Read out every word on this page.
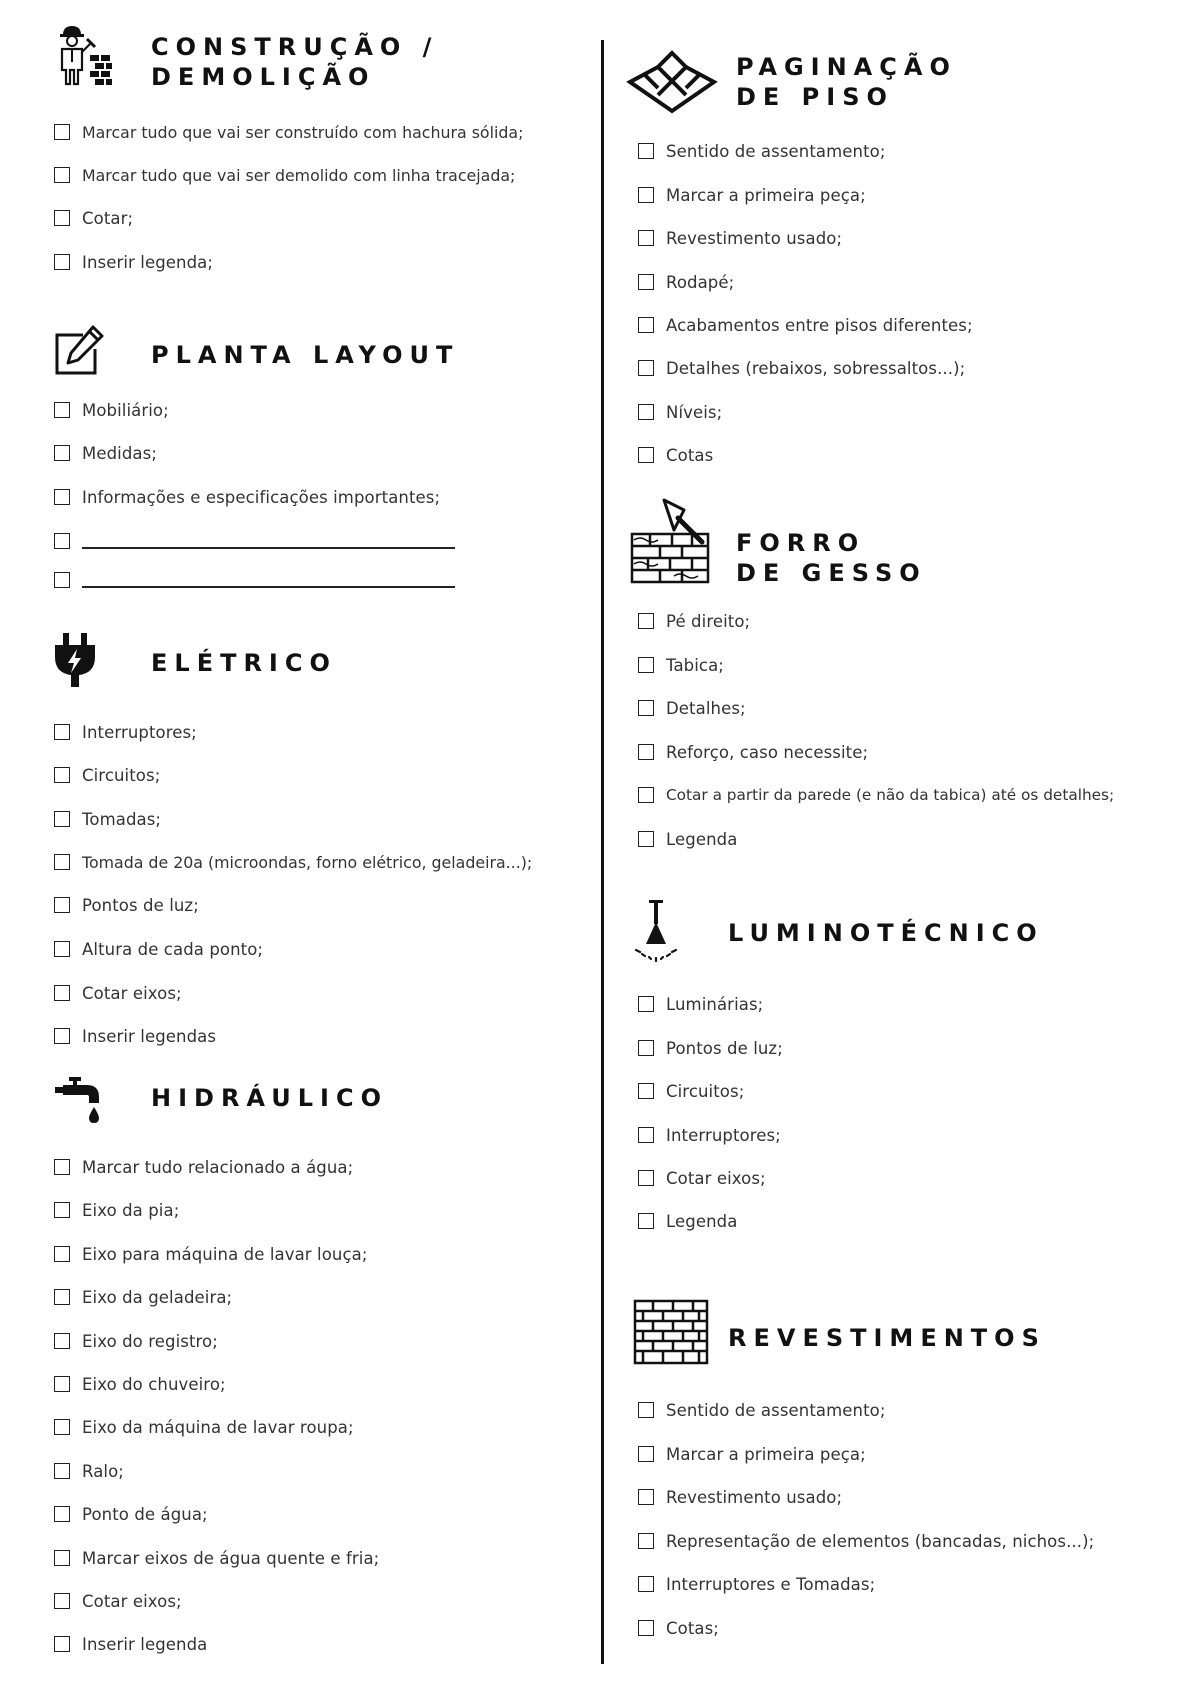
CONSTRUÇÃO /
DEMOLIÇÃO
Marcar tudo que vai ser construído com hachura sólida;
Marcar tudo que vai ser demolido com linha tracejada;
Cotar;
Inserir legenda;
PLANTA LAYOUT
Mobiliário;
Medidas;
Informações e especificações importantes;
ELÉTRICO
Interruptores;
Circuitos;
Tomadas;
Tomada de 20a (microondas, forno elétrico, geladeira...);
Pontos de luz;
Altura de cada ponto;
Cotar eixos;
Inserir legendas
HIDRÁULICO
Marcar tudo relacionado a água;
Eixo da pia;
Eixo para máquina de lavar louça;
Eixo da geladeira;
Eixo do registro;
Eixo do chuveiro;
Eixo da máquina de lavar roupa;
Ralo;
Ponto de água;
Marcar eixos de água quente e fria;
Cotar eixos;
Inserir legenda
PAGINAÇÃO
DE PISO
Sentido de assentamento;
Marcar a primeira peça;
Revestimento usado;
Rodapé;
Acabamentos entre pisos diferentes;
Detalhes (rebaixos, sobressaltos...);
Níveis;
Cotas
FORRO
DE GESSO
Pé direito;
Tabica;
Detalhes;
Reforço, caso necessite;
Cotar a partir da parede (e não da tabica) até os detalhes;
Legenda
LUMINOTÉCNICO
Luminárias;
Pontos de luz;
Circuitos;
Interruptores;
Cotar eixos;
Legenda
REVESTIMENTOS
Sentido de assentamento;
Marcar a primeira peça;
Revestimento usado;
Representação de elementos (bancadas, nichos...);
Interruptores e Tomadas;
Cotas;
